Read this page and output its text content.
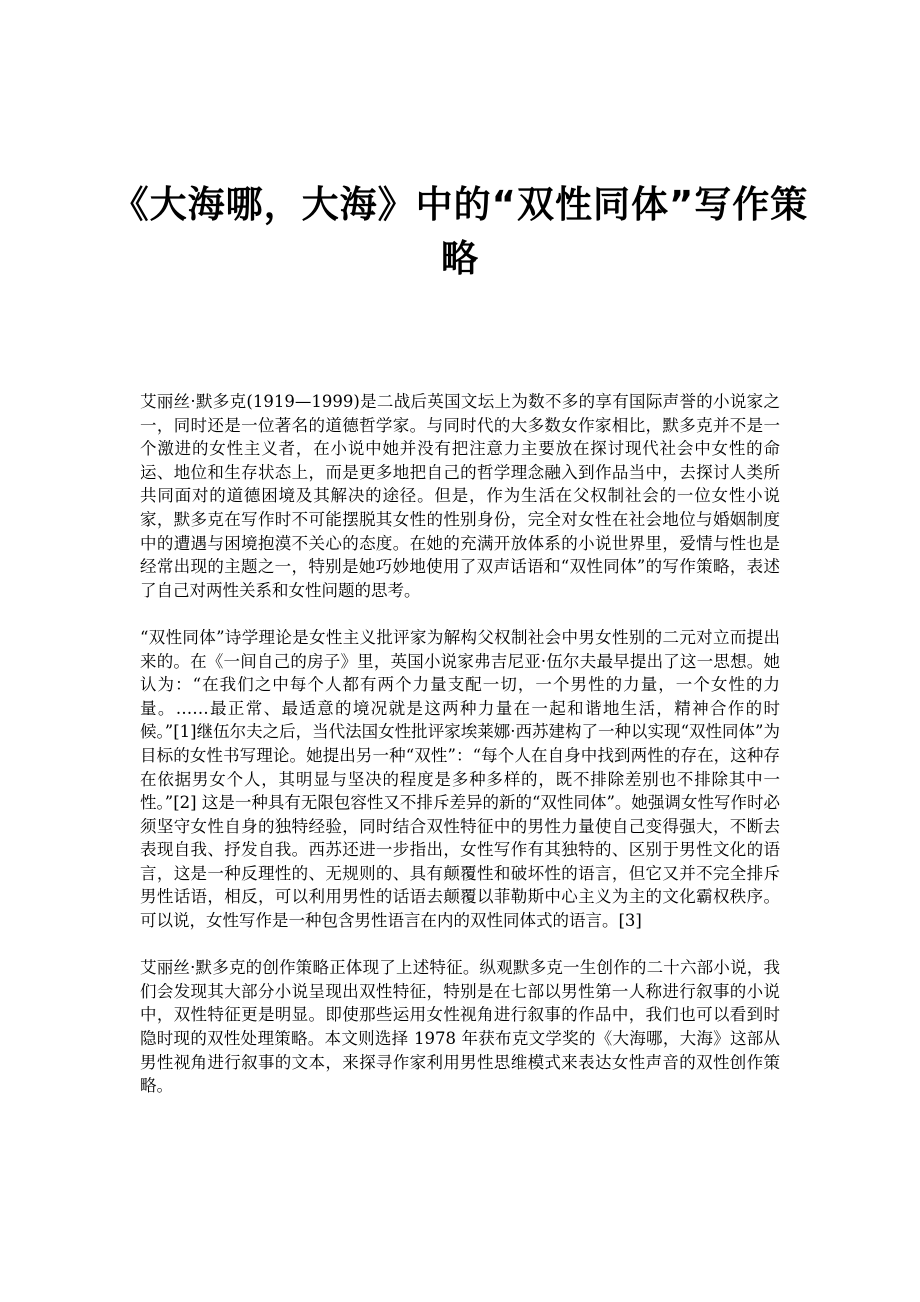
《大海哪，大海》中的“双性同体”写作策略

艾丽丝·默多克(1919—1999)是二战后英国文坛上为数不多的享有国际声誉的小说家之一，同时还是一位著名的道德哲学家。与同时代的大多数女作家相比，默多克并不是一个激进的女性主义者，在小说中她并没有把注意力主要放在探讨现代社会中女性的命运、地位和生存状态上，而是更多地把自己的哲学理念融入到作品当中，去探讨人类所共同面对的道德困境及其解决的途径。但是，作为生活在父权制社会的一位女性小说家，默多克在写作时不可能摆脱其女性的性别身份，完全对女性在社会地位与婚姻制度中的遭遇与困境抱漠不关心的态度。在她的充满开放体系的小说世界里，爱情与性也是经常出现的主题之一，特别是她巧妙地使用了双声话语和“双性同体”的写作策略，表述了自己对两性关系和女性问题的思考。

“双性同体”诗学理论是女性主义批评家为解构父权制社会中男女性别的二元对立而提出来的。在《一间自己的房子》里，英国小说家弗吉尼亚·伍尔夫最早提出了这一思想。她认为：“在我们之中每个人都有两个力量支配一切，一个男性的力量，一个女性的力量。……最正常、最适意的境况就是这两种力量在一起和谐地生活，精神合作的时候。”[1]继伍尔夫之后，当代法国女性批评家埃莱娜·西苏建构了一种以实现“双性同体”为目标的女性书写理论。她提出另一种“双性”：“每个人在自身中找到两性的存在，这种存在依据男女个人，其明显与坚决的程度是多种多样的，既不排除差别也不排除其中一性。”[2] 这是一种具有无限包容性又不排斥差异的新的“双性同体”。她强调女性写作时必须坚守女性自身的独特经验，同时结合双性特征中的男性力量使自己变得强大，不断去表现自我、抒发自我。西苏还进一步指出，女性写作有其独特的、区别于男性文化的语言，这是一种反理性的、无规则的、具有颠覆性和破坏性的语言，但它又并不完全排斥男性话语，相反，可以利用男性的话语去颠覆以菲勒斯中心主义为主的文化霸权秩序。可以说，女性写作是一种包含男性语言在内的双性同体式的语言。[3]

艾丽丝·默多克的创作策略正体现了上述特征。纵观默多克一生创作的二十六部小说，我们会发现其大部分小说呈现出双性特征，特别是在七部以男性第一人称进行叙事的小说中，双性特征更是明显。即使那些运用女性视角进行叙事的作品中，我们也可以看到时隐时现的双性处理策略。本文则选择 1978 年获布克文学奖的《大海哪，大海》这部从男性视角进行叙事的文本，来探寻作家利用男性思维模式来表达女性声音的双性创作策略。
